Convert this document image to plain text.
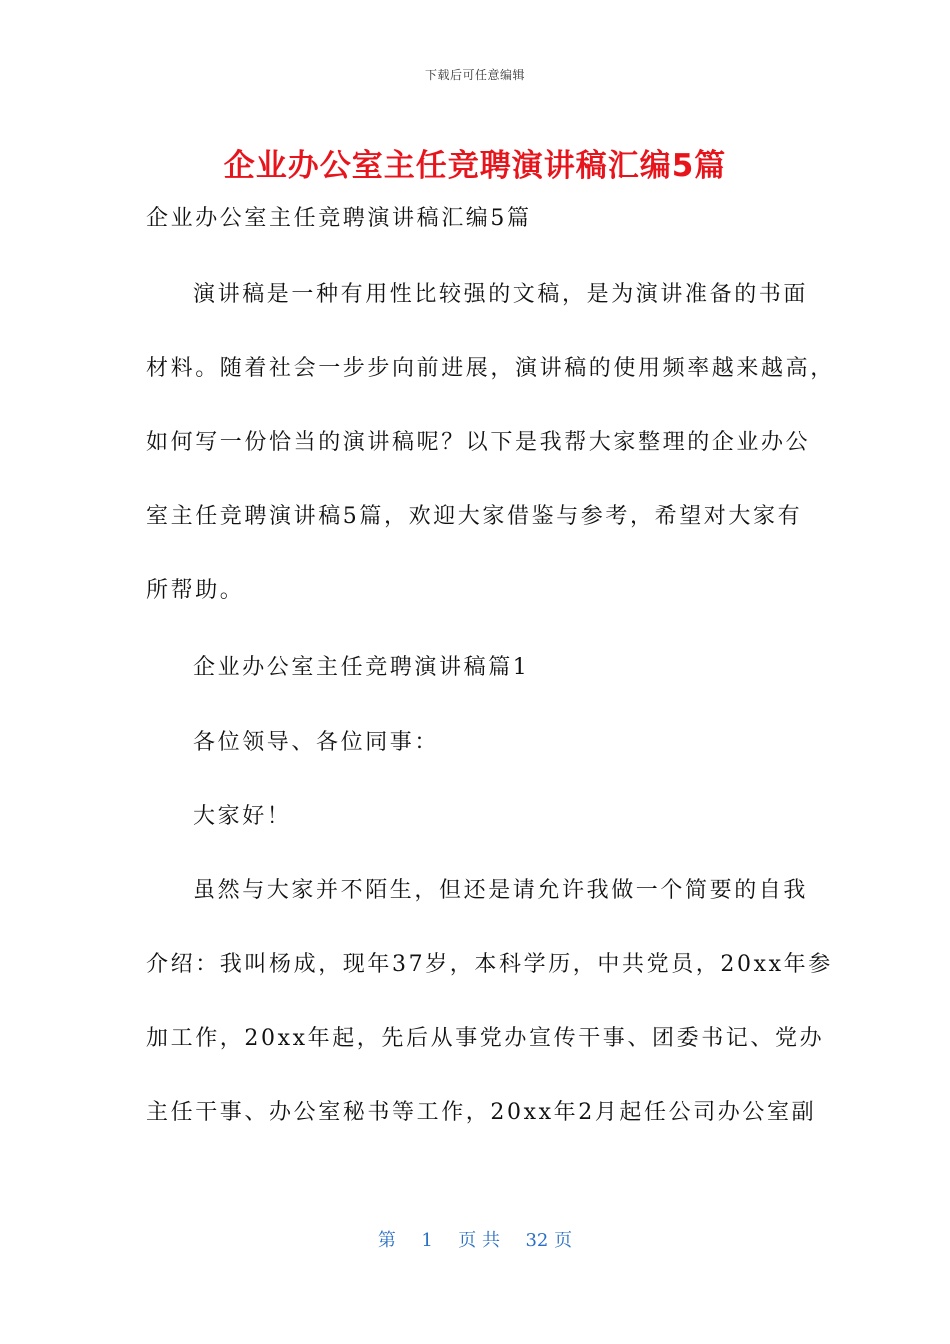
下载后可任意编辑
企业办公室主任竞聘演讲稿汇编5篇
企业办公室主任竞聘演讲稿汇编5篇
演讲稿是一种有用性比较强的文稿，是为演讲准备的书面
材料。随着社会一步步向前进展，演讲稿的使用频率越来越高，
如何写一份恰当的演讲稿呢？以下是我帮大家整理的企业办公
室主任竞聘演讲稿5篇，欢迎大家借鉴与参考，希望对大家有
所帮助。
企业办公室主任竞聘演讲稿篇1
各位领导、各位同事：
大家好！
虽然与大家并不陌生，但还是请允许我做一个简要的自我
介绍：我叫杨成，现年37岁，本科学历，中共党员，20xx年参
加工作，20xx年起，先后从事党办宣传干事、团委书记、党办
主任干事、办公室秘书等工作，20xx年2月起任公司办公室副
第 1 页 共 32 页
